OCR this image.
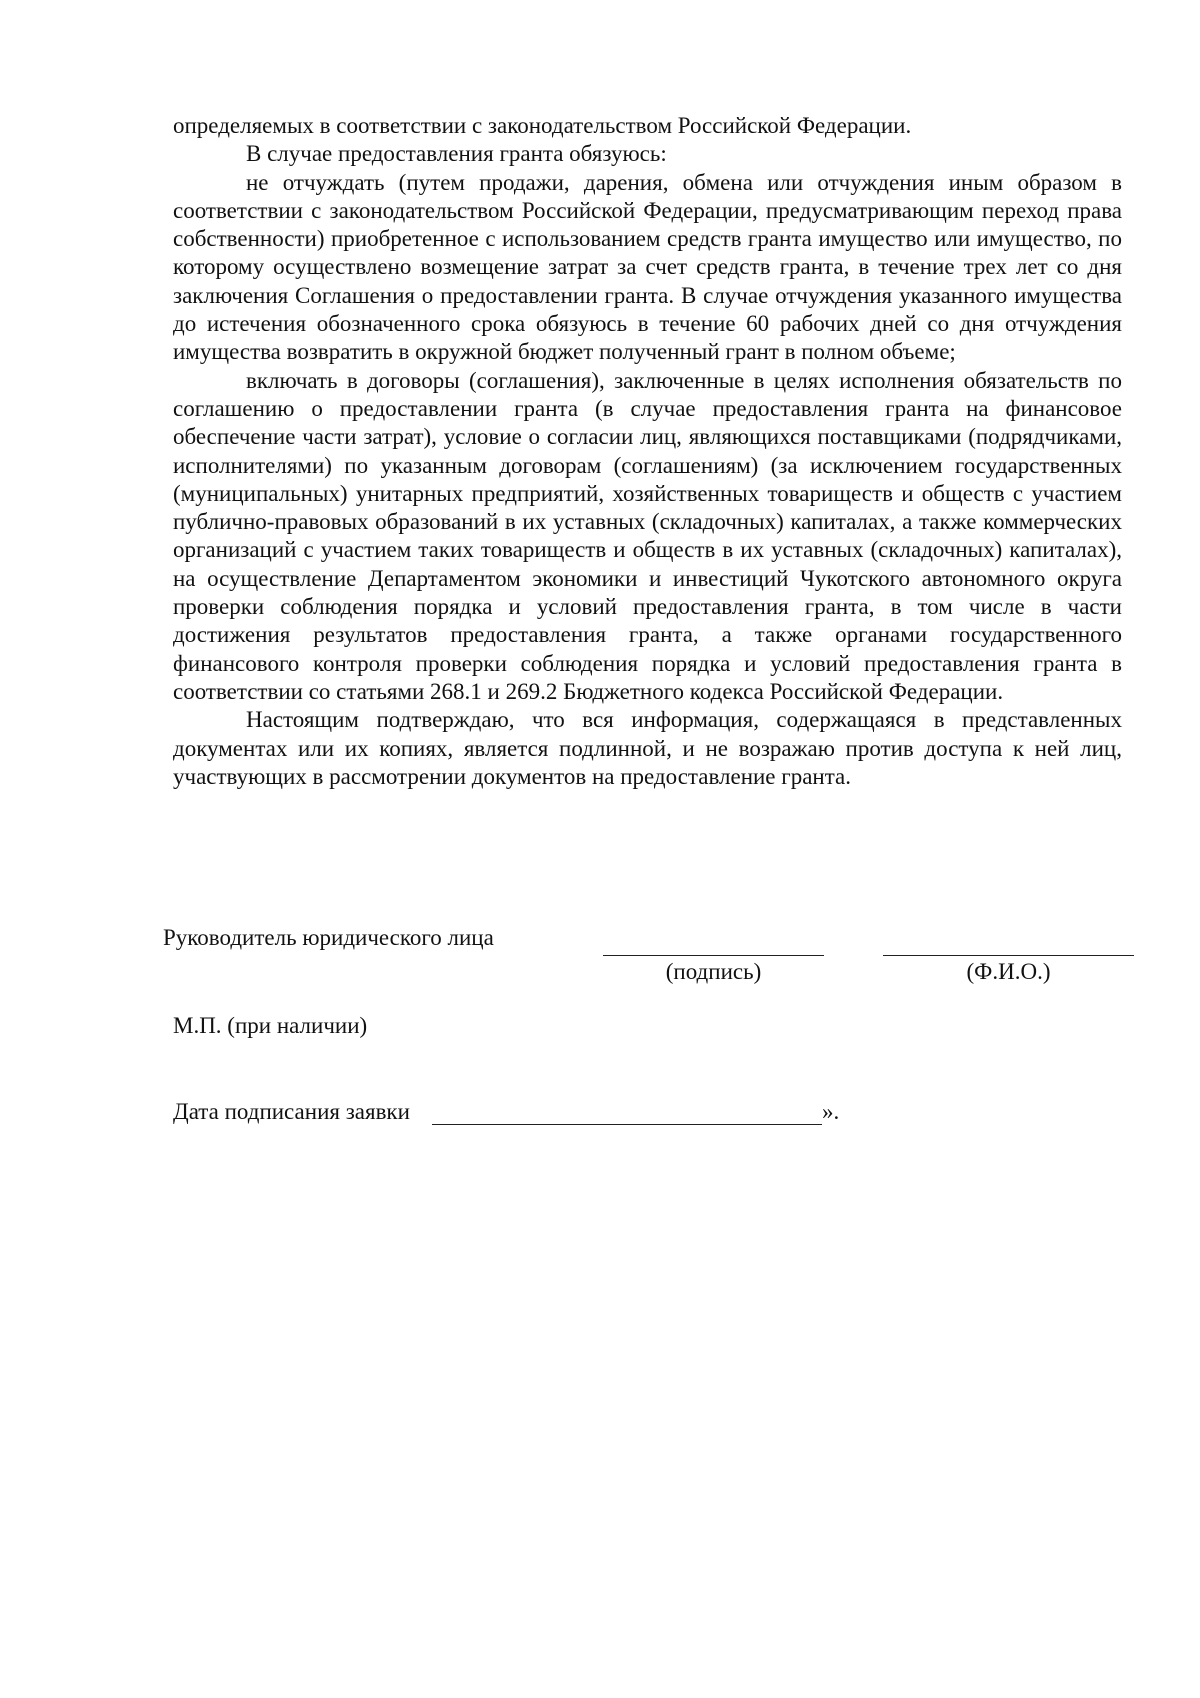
определяемых в соответствии с законодательством Российской Федерации.

В случае предоставления гранта обязуюсь:

не отчуждать (путем продажи, дарения, обмена или отчуждения иным образом в соответствии с законодательством Российской Федерации, предусматривающим переход права собственности) приобретенное с использованием средств гранта имущество или имущество, по которому осуществлено возмещение затрат за счет средств гранта, в течение трех лет со дня заключения Соглашения о предоставлении гранта. В случае отчуждения указанного имущества до истечения обозначенного срока обязуюсь в течение 60 рабочих дней со дня отчуждения имущества возвратить в окружной бюджет полученный грант в полном объеме;

включать в договоры (соглашения), заключенные в целях исполнения обязательств по соглашению о предоставлении гранта (в случае предоставления гранта на финансовое обеспечение части затрат), условие о согласии лиц, являющихся поставщиками (подрядчиками, исполнителями) по указанным договорам (соглашениям) (за исключением государственных (муниципальных) унитарных предприятий, хозяйственных товариществ и обществ с участием публично-правовых образований в их уставных (складочных) капиталах, а также коммерческих организаций с участием таких товариществ и обществ в их уставных (складочных) капиталах), на осуществление Департаментом экономики и инвестиций Чукотского автономного округа проверки соблюдения порядка и условий предоставления гранта, в том числе в части достижения результатов предоставления гранта, а также органами государственного финансового контроля проверки соблюдения порядка и условий предоставления гранта в соответствии со статьями 268.1 и 269.2 Бюджетного кодекса Российской Федерации.

Настоящим подтверждаю, что вся информация, содержащаяся в представленных документах или их копиях, является подлинной, и не возражаю против доступа к ней лиц, участвующих в рассмотрении документов на предоставление гранта.

Руководитель юридического лица
(подпись)	(Ф.И.О.)
М.П. (при наличии)
Дата подписания заявки	».
